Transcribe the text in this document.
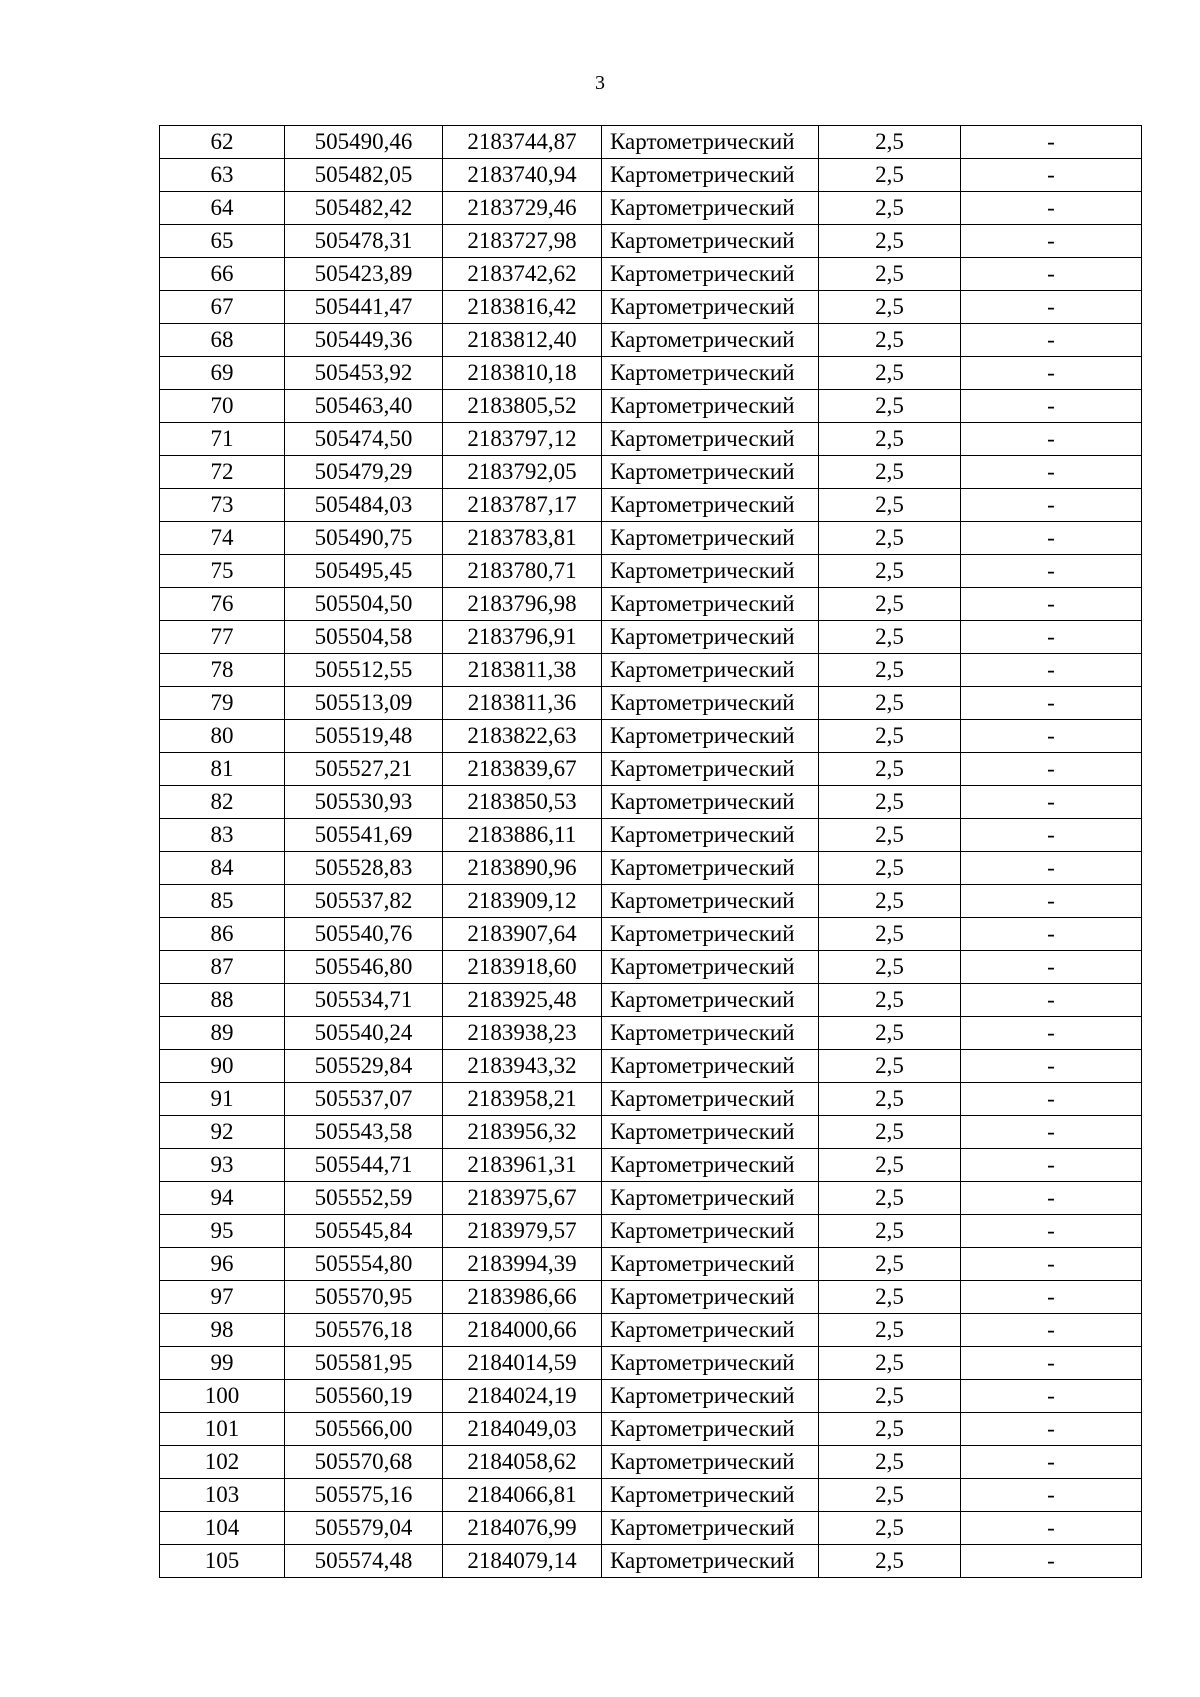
3
62	505490,46	2183744,87	Картометрический	2,5	-
63	505482,05	2183740,94	Картометрический	2,5	-
64	505482,42	2183729,46	Картометрический	2,5	-
65	505478,31	2183727,98	Картометрический	2,5	-
66	505423,89	2183742,62	Картометрический	2,5	-
67	505441,47	2183816,42	Картометрический	2,5	-
68	505449,36	2183812,40	Картометрический	2,5	-
69	505453,92	2183810,18	Картометрический	2,5	-
70	505463,40	2183805,52	Картометрический	2,5	-
71	505474,50	2183797,12	Картометрический	2,5	-
72	505479,29	2183792,05	Картометрический	2,5	-
73	505484,03	2183787,17	Картометрический	2,5	-
74	505490,75	2183783,81	Картометрический	2,5	-
75	505495,45	2183780,71	Картометрический	2,5	-
76	505504,50	2183796,98	Картометрический	2,5	-
77	505504,58	2183796,91	Картометрический	2,5	-
78	505512,55	2183811,38	Картометрический	2,5	-
79	505513,09	2183811,36	Картометрический	2,5	-
80	505519,48	2183822,63	Картометрический	2,5	-
81	505527,21	2183839,67	Картометрический	2,5	-
82	505530,93	2183850,53	Картометрический	2,5	-
83	505541,69	2183886,11	Картометрический	2,5	-
84	505528,83	2183890,96	Картометрический	2,5	-
85	505537,82	2183909,12	Картометрический	2,5	-
86	505540,76	2183907,64	Картометрический	2,5	-
87	505546,80	2183918,60	Картометрический	2,5	-
88	505534,71	2183925,48	Картометрический	2,5	-
89	505540,24	2183938,23	Картометрический	2,5	-
90	505529,84	2183943,32	Картометрический	2,5	-
91	505537,07	2183958,21	Картометрический	2,5	-
92	505543,58	2183956,32	Картометрический	2,5	-
93	505544,71	2183961,31	Картометрический	2,5	-
94	505552,59	2183975,67	Картометрический	2,5	-
95	505545,84	2183979,57	Картометрический	2,5	-
96	505554,80	2183994,39	Картометрический	2,5	-
97	505570,95	2183986,66	Картометрический	2,5	-
98	505576,18	2184000,66	Картометрический	2,5	-
99	505581,95	2184014,59	Картометрический	2,5	-
100	505560,19	2184024,19	Картометрический	2,5	-
101	505566,00	2184049,03	Картометрический	2,5	-
102	505570,68	2184058,62	Картометрический	2,5	-
103	505575,16	2184066,81	Картометрический	2,5	-
104	505579,04	2184076,99	Картометрический	2,5	-
105	505574,48	2184079,14	Картометрический	2,5	-
